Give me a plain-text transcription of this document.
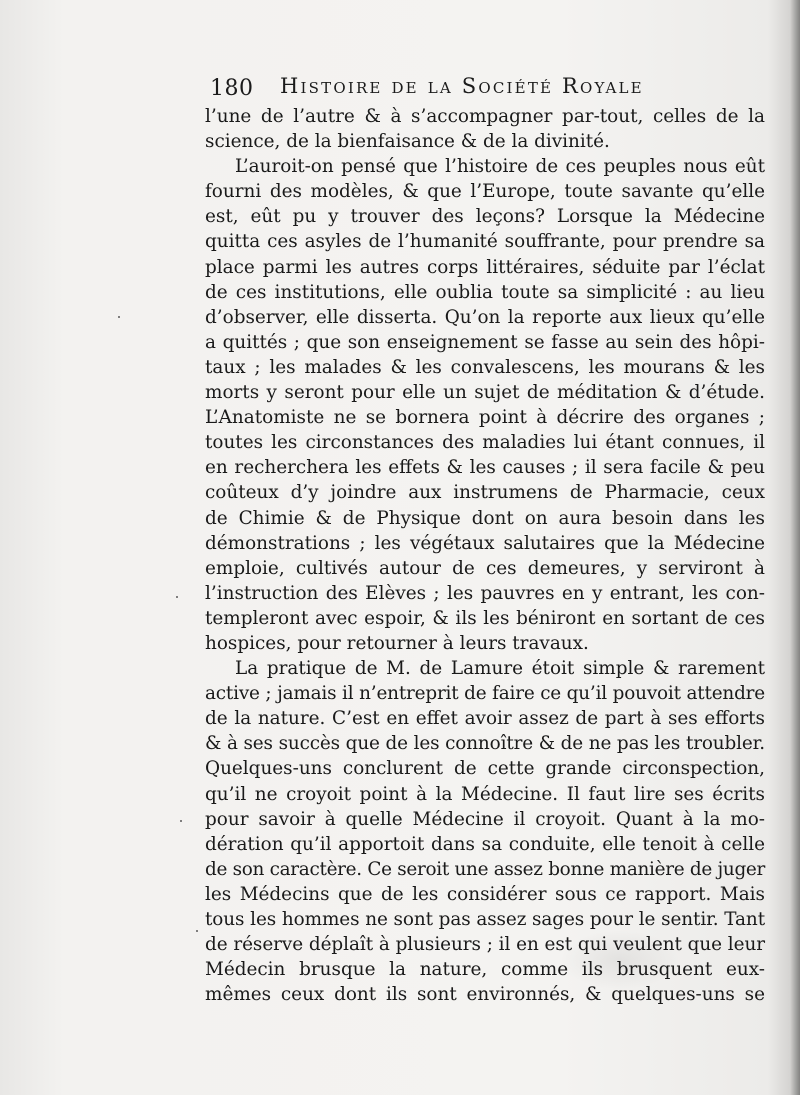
180 Histoire de la Société Royale
l’une de l’autre & à s’accompagner par-tout, celles de la
science, de la bienfaisance & de la divinité.
L’auroit-on pensé que l’histoire de ces peuples nous eût
fourni des modèles, & que l’Europe, toute savante qu’elle
est, eût pu y trouver des leçons? Lorsque la Médecine
quitta ces asyles de l’humanité souffrante, pour prendre sa
place parmi les autres corps littéraires, séduite par l’éclat
de ces institutions, elle oublia toute sa simplicité : au lieu
d’observer, elle disserta. Qu’on la reporte aux lieux qu’elle
a quittés ; que son enseignement se fasse au sein des hôpi-
taux ; les malades & les convalescens, les mourans & les
morts y seront pour elle un sujet de méditation & d’étude.
L’Anatomiste ne se bornera point à décrire des organes ;
toutes les circonstances des maladies lui étant connues, il
en recherchera les effets & les causes ; il sera facile & peu
coûteux d’y joindre aux instrumens de Pharmacie, ceux
de Chimie & de Physique dont on aura besoin dans les
démonstrations ; les végétaux salutaires que la Médecine
emploie, cultivés autour de ces demeures, y serviront à
l’instruction des Elèves ; les pauvres en y entrant, les con-
templeront avec espoir, & ils les béniront en sortant de ces
hospices, pour retourner à leurs travaux.
La pratique de M. de Lamure étoit simple & rarement
active ; jamais il n’entreprit de faire ce qu’il pouvoit attendre
de la nature. C’est en effet avoir assez de part à ses efforts
& à ses succès que de les connoître & de ne pas les troubler.
Quelques-uns conclurent de cette grande circonspection,
qu’il ne croyoit point à la Médecine. Il faut lire ses écrits
pour savoir à quelle Médecine il croyoit. Quant à la mo-
dération qu’il apportoit dans sa conduite, elle tenoit à celle
de son caractère. Ce seroit une assez bonne manière de juger
les Médecins que de les considérer sous ce rapport. Mais
tous les hommes ne sont pas assez sages pour le sentir. Tant
de réserve déplaît à plusieurs ; il en est qui veulent que leur
Médecin brusque la nature, comme ils brusquent eux-
mêmes ceux dont ils sont environnés, & quelques-uns se
